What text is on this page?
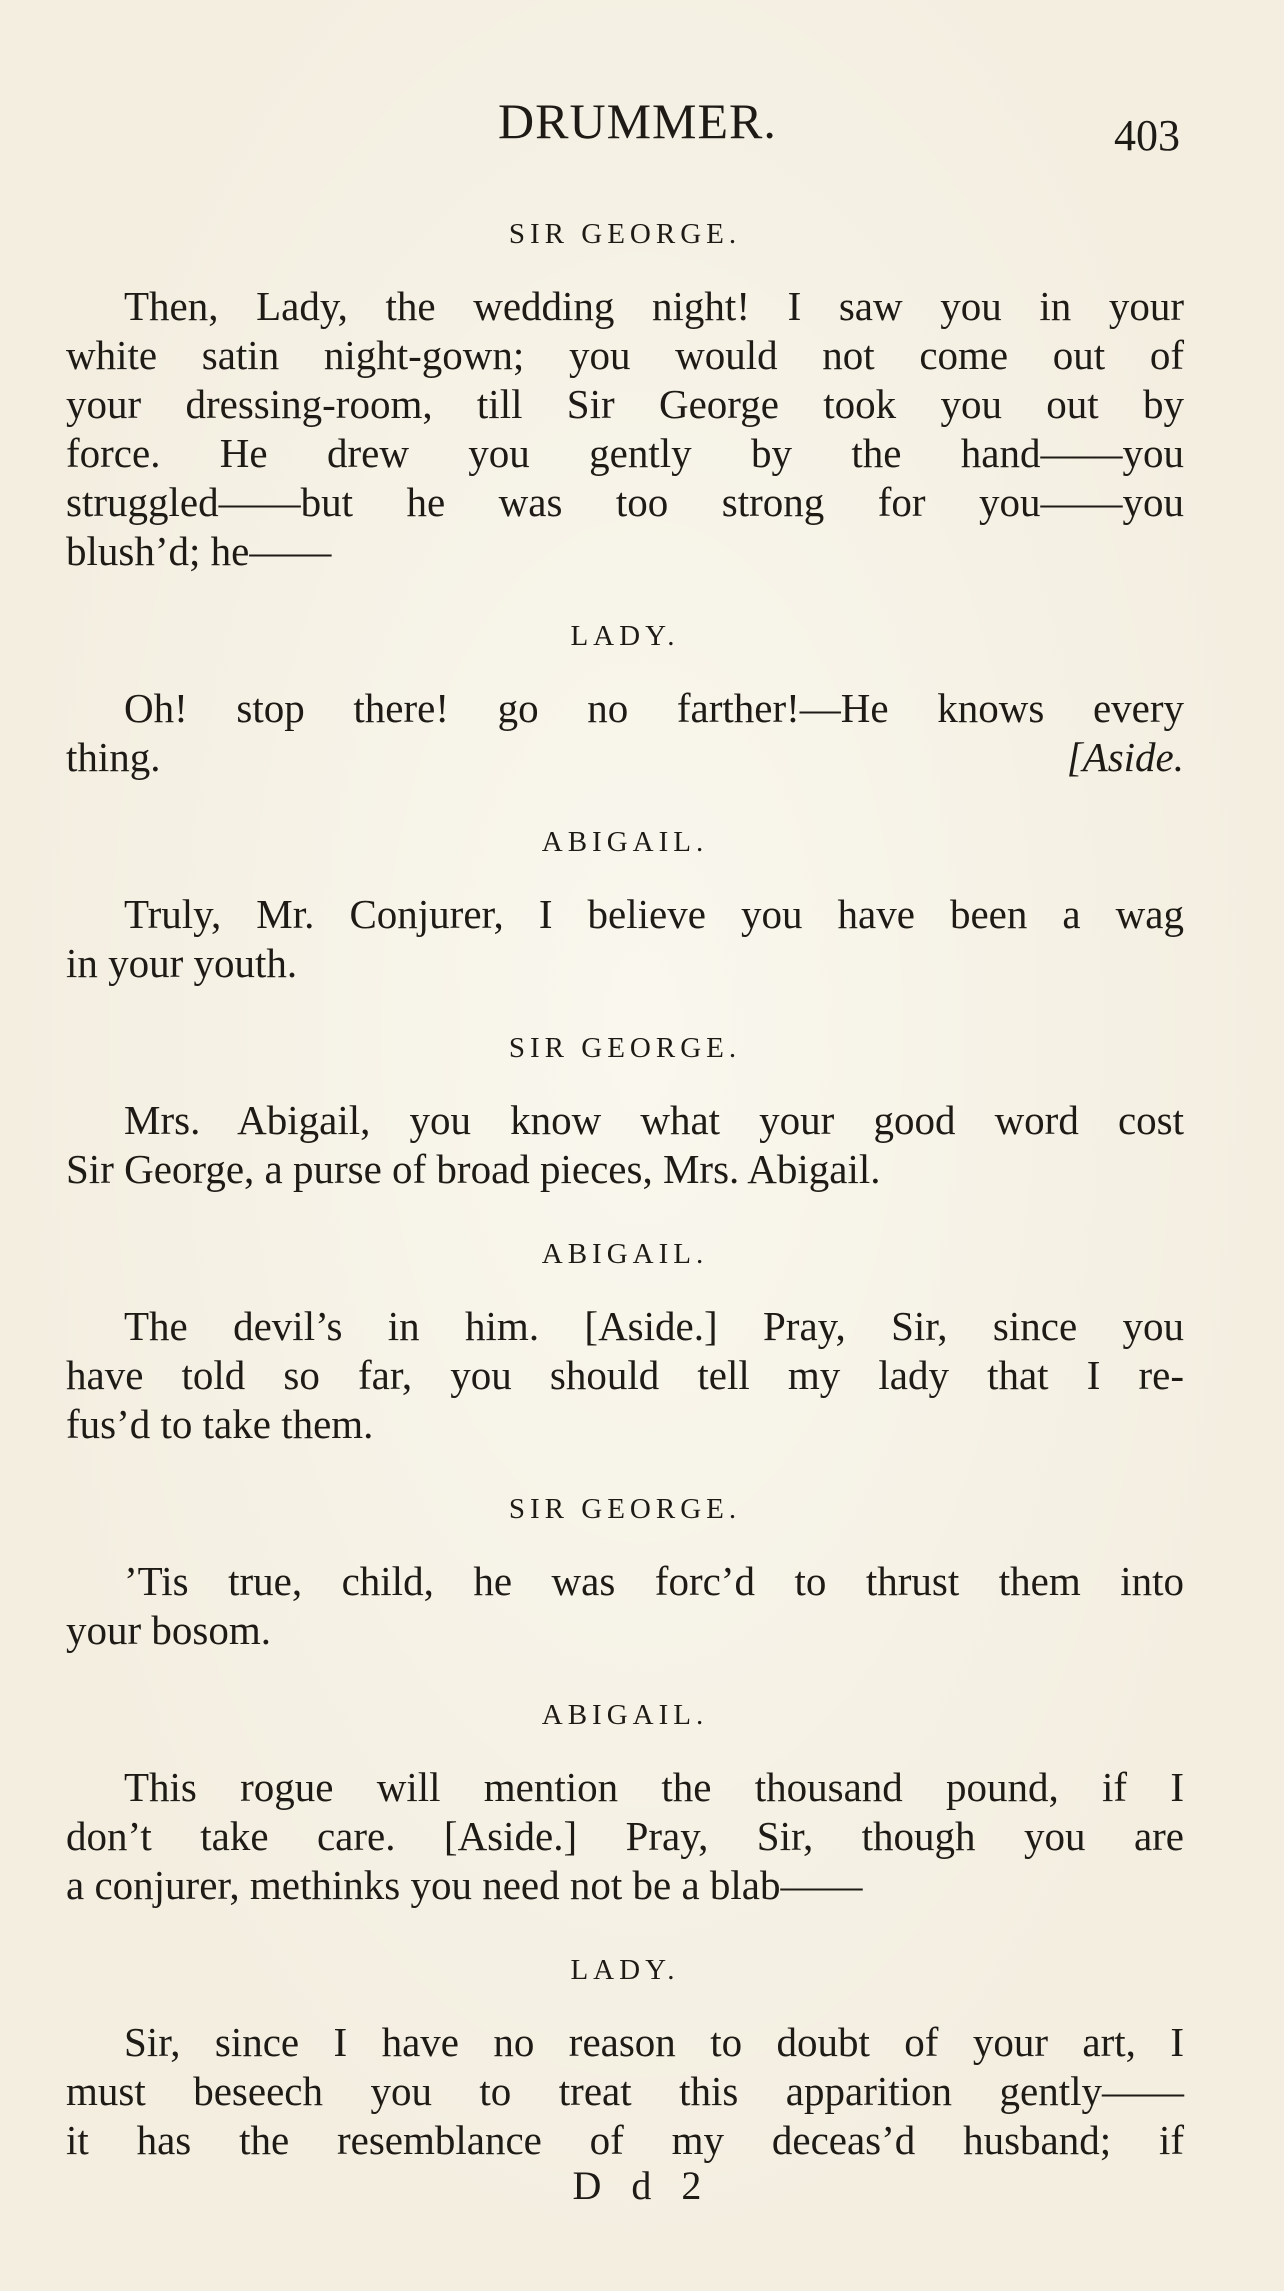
DRUMMER.	403
SIR GEORGE.
Then, Lady, the wedding night! I saw you in your
white satin night-gown; you would not come out of
your dressing-room, till Sir George took you out by
force. He drew you gently by the hand——you
struggled——but he was too strong for you——you
blush’d; he——
LADY.
Oh! stop there! go no farther!—He knows every
thing.	[Aside.
ABIGAIL.
Truly, Mr. Conjurer, I believe you have been a wag
in your youth.
SIR GEORGE.
Mrs. Abigail, you know what your good word cost
Sir George, a purse of broad pieces, Mrs. Abigail.
ABIGAIL.
The devil’s in him. [Aside.] Pray, Sir, since you
have told so far, you should tell my lady that I re-
fus’d to take them.
SIR GEORGE.
’Tis true, child, he was forc’d to thrust them into
your bosom.
ABIGAIL.
This rogue will mention the thousand pound, if I
don’t take care. [Aside.] Pray, Sir, though you are
a conjurer, methinks you need not be a blab——
LADY.
Sir, since I have no reason to doubt of your art, I
must beseech you to treat this apparition gently——
it has the resemblance of my deceas’d husband; if
D d 2
